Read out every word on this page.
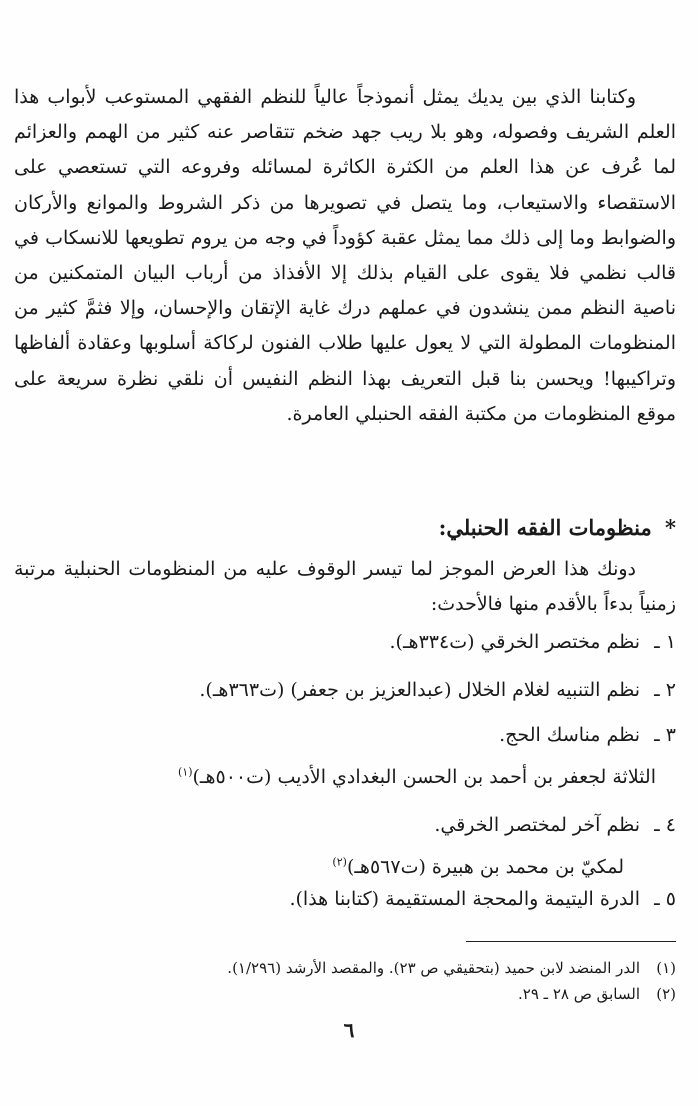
وكتابنا الذي بين يديك يمثل أنموذجاً عالياً للنظم الفقهي المستوعب لأبواب هذا العلم الشريف وفصوله، وهو بلا ريب جهد ضخم تتقاصر عنه كثير من الهمم والعزائم لما عُرف عن هذا العلم من الكثرة الكاثرة لمسائله وفروعه التي تستعصي على الاستقصاء والاستيعاب، وما يتصل في تصويرها من ذكر الشروط والموانع والأركان والضوابط وما إلى ذلك مما يمثل عقبة كؤوداً في وجه من يروم تطويعها للانسكاب في قالب نظمي فلا يقوى على القيام بذلك إلا الأفذاذ من أرباب البيان المتمكنين من ناصية النظم ممن ينشدون في عملهم درك غاية الإتقان والإحسان، وإلا فثمَّ كثير من المنظومات المطولة التي لا يعول عليها طلاب الفنون لركاكة أسلوبها وعقادة ألفاظها وتراكيبها! ويحسن بنا قبل التعريف بهذا النظم النفيس أن نلقي نظرة سريعة على موقع المنظومات من مكتبة الفقه الحنبلي العامرة.

* منظومات الفقه الحنبلي:

دونك هذا العرض الموجز لما تيسر الوقوف عليه من المنظومات الحنبلية مرتبة زمنياً بدءاً بالأقدم منها فالأحدث:

١ ـنظم مختصر الخرقي (ت٣٣٤هـ).
٢ ـنظم التنبيه لغلام الخلال (عبدالعزيز بن جعفر) (ت٣٦٣هـ).
٣ ـنظم مناسك الحج.
الثلاثة لجعفر بن أحمد بن الحسن البغدادي الأديب (ت٥٠٠هـ)$^{(١)}$
٤ ـنظم آخر لمختصر الخرقي.
لمكيّ بن محمد بن هبيرة (ت٥٦٧هـ)$^{(٢)}$
٥ ـالدرة اليتيمة والمحجة المستقيمة (كتابنا هذا).
(١)الدر المنضد لابن حميد (بتحقيقي ص ٢٣). والمقصد الأرشد (١/٢٩٦).
(٢)السابق ص ٢٨ ـ ٢٩.
٦
